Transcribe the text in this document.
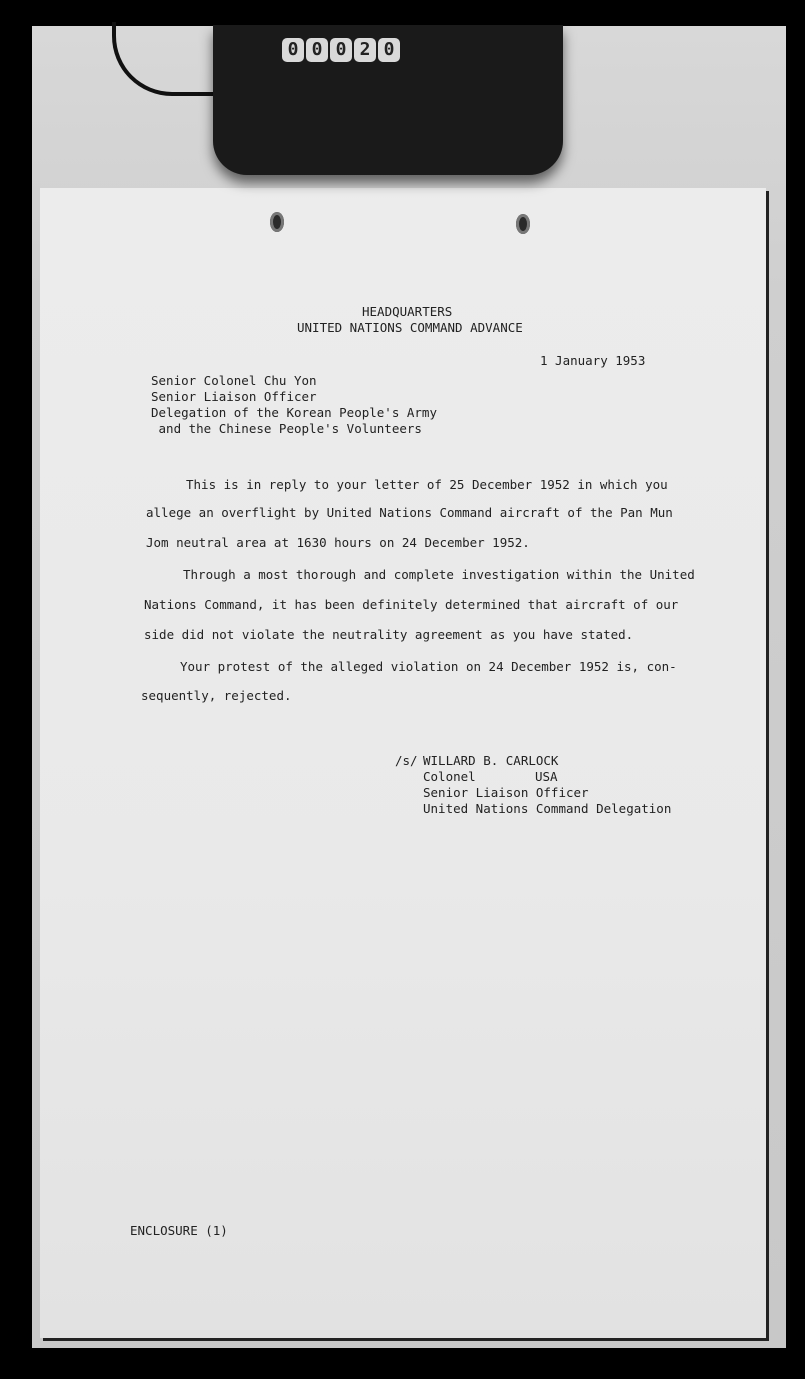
0 0 0 2 0
HEADQUARTERS
UNITED NATIONS COMMAND ADVANCE
1 January 1953
Senior Colonel Chu Yon
Senior Liaison Officer
Delegation of the Korean People's Army
and the Chinese People's Volunteers
This is in reply to your letter of 25 December 1952 in which you
allege an overflight by United Nations Command aircraft of the Pan Mun
Jom neutral area at 1630 hours on 24 December 1952.
Through a most thorough and complete investigation within the United
Nations Command, it has been definitely determined that aircraft of our
side did not violate the neutrality agreement as you have stated.
Your protest of the alleged violation on 24 December 1952 is, con-
sequently, rejected.
/s/ WILLARD B. CARLOCK
Colonel	USA
Senior Liaison Officer
United Nations Command Delegation
ENCLOSURE (1)
